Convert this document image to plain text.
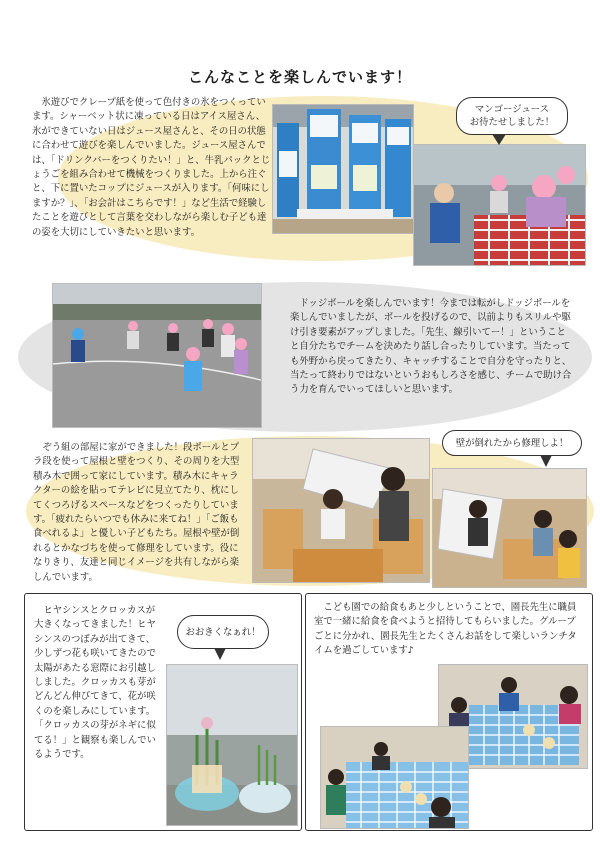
こんなことを楽しんでいます！
　氷遊びでクレープ紙を使って色付きの氷をつくっています。シャーベット状に凍っている日はアイス屋さん、氷ができていない日はジュース屋さんと、その日の状態に合わせて遊びを楽しんでいました。ジュース屋さんでは、「ドリンクバーをつくりたい！」と、牛乳パックとじょうごを組み合わせて機械をつくりました。上から注ぐと、下に置いたコップにジュースが入ります。「何味にしますか？」、「お会計はこちらです！」など生活で経験したことを遊びとして言葉を交わしながら楽しむ子ども達の姿を大切にしていきたいと思います。
マンゴージュース
お待たせしました！
　ドッジボールを楽しんでいます！今までは転がしドッジボールを楽しんでいましたが、ボールを投げるので、以前よりもスリルや駆け引き要素がアップしました。「先生、線引いてー！」ということと自分たちでチームを決めたり話し合ったりしています。当たっても外野から戻ってきたり、キャッチすることで自分を守ったりと、当たって終わりではないというおもしろさを感じ、チームで助け合う力を育んでいってほしいと思います。
　ぞう組の部屋に家ができました！段ボールとプラ段を使って屋根と壁をつくり、その周りを大型積み木で囲って家にしています。積み木にキャラクターの絵を貼ってテレビに見立てたり、枕にしてくつろげるスペースなどをつくったりしています。「疲れたらいつでも休みに来てね！」「ご飯も食べれるよ」と優しい子どもたち。屋根や壁が倒れるとかなづちを使って修理をしています。役になりきり、友達と同じイメージを共有しながら楽しんでいます。
壁が倒れたから修理しよ！
　ヒヤシンスとクロッカスが大きくなってきました！ヒヤシンスのつぼみが出てきて、少しずつ花も咲いてきたので太陽があたる窓際にお引越ししました。クロッカスも芽がどんどん伸びてきて、花が咲くのを楽しみにしています。「クロッカスの芽がネギに似てる！」と観察も楽しんでいるようです。
おおきくなぁれ！
　こども園での給食もあと少しということで、園長先生に職員室で一緒に給食を食べようと招待してもらいました。グループごとに分かれ、園長先生とたくさんお話をして楽しいランチタイムを過ごしています♪
